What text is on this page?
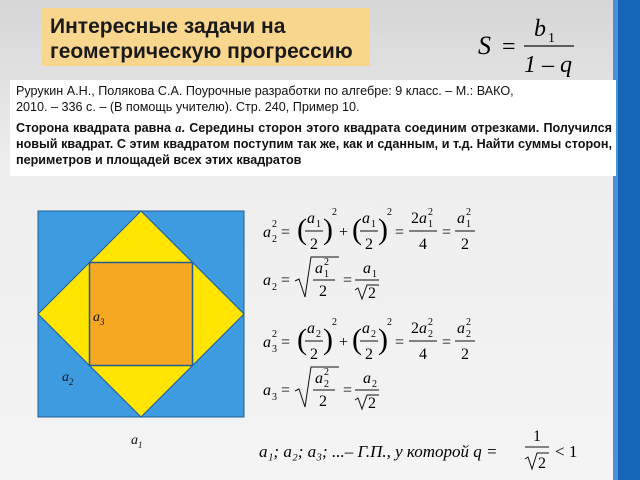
Интересные задачи на
геометрическую прогрессию	S =
b 1
1 – q
Рурукин А.Н., Полякова С.А. Поурочные разработки по алгебре: 9 класс. – М.: ВАКО,
2010. – 336 с. – (В помощь учителю). Стр. 240, Пример 10.
Сторона квадрата равна a. Середины сторон этого квадрата соединим отрезками. Получился новый квадрат. С этим квадратом поступим так же, как и сданным, и т.д. Найти суммы сторон, периметров и площадей всех этих квадратов
$a_3$
$a_2$
$a_1$
a 2
2 = ( a 1
2 )
2
+ ( a 1
2 )
2
=
2a 1
2
4
=
a 1
2
2
a 2 =
a 1
2
2
=
a 1
2
a 3
2 = ( a 2
2 )
2
+ ( a 2
2 )
2
=
2a 2
2
4
=
a 2
2
2
a 3 =
a 2
2
2
=
a 2
2
a₁; a₂; a₃; ...– Г.П., у которой q =
1
2
< 1
